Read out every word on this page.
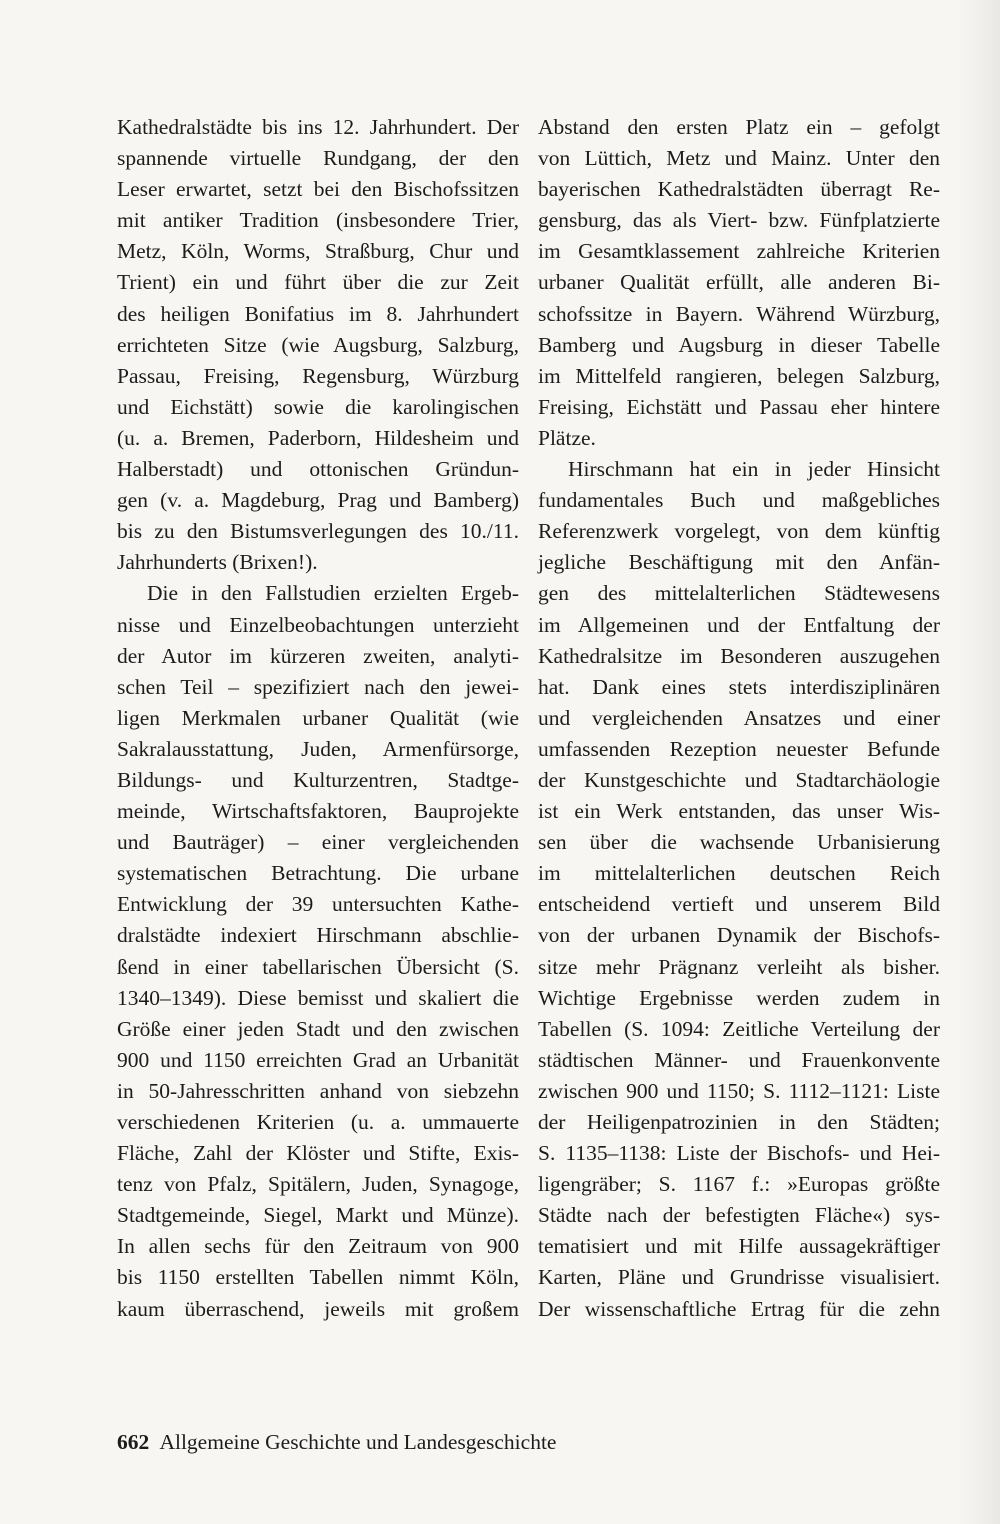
Kathedralstädte bis ins 12. Jahrhundert. Der
spannende virtuelle Rundgang, der den
Leser erwartet, setzt bei den Bischofssitzen
mit antiker Tradition (insbesondere Trier,
Metz, Köln, Worms, Straßburg, Chur und
Trient) ein und führt über die zur Zeit
des heiligen Bonifatius im 8. Jahrhundert
errichteten Sitze (wie Augsburg, Salzburg,
Passau, Freising, Regensburg, Würzburg
und Eichstätt) sowie die karolingischen
(u. a. Bremen, Paderborn, Hildesheim und
Halberstadt) und ottonischen Gründun-
gen (v. a. Magdeburg, Prag und Bamberg)
bis zu den Bistumsverlegungen des 10./11.
Jahrhunderts (Brixen!).
Die in den Fallstudien erzielten Ergeb-
nisse und Einzelbeobachtungen unterzieht
der Autor im kürzeren zweiten, analyti-
schen Teil – spezifiziert nach den jewei-
ligen Merkmalen urbaner Qualität (wie
Sakralausstattung, Juden, Armenfürsorge,
Bildungs- und Kulturzentren, Stadtge-
meinde, Wirtschaftsfaktoren, Bauprojekte
und Bauträger) – einer vergleichenden
systematischen Betrachtung. Die urbane
Entwicklung der 39 untersuchten Kathe-
dralstädte indexiert Hirschmann abschlie-
ßend in einer tabellarischen Übersicht (S.
1340–1349). Diese bemisst und skaliert die
Größe einer jeden Stadt und den zwischen
900 und 1150 erreichten Grad an Urbanität
in 50-Jahresschritten anhand von siebzehn
verschiedenen Kriterien (u. a. ummauerte
Fläche, Zahl der Klöster und Stifte, Exis-
tenz von Pfalz, Spitälern, Juden, Synagoge,
Stadtgemeinde, Siegel, Markt und Münze).
In allen sechs für den Zeitraum von 900
bis 1150 erstellten Tabellen nimmt Köln,
kaum überraschend, jeweils mit großem
Abstand den ersten Platz ein – gefolgt
von Lüttich, Metz und Mainz. Unter den
bayerischen Kathedralstädten überragt Re-
gensburg, das als Viert- bzw. Fünfplatzierte
im Gesamtklassement zahlreiche Kriterien
urbaner Qualität erfüllt, alle anderen Bi-
schofssitze in Bayern. Während Würzburg,
Bamberg und Augsburg in dieser Tabelle
im Mittelfeld rangieren, belegen Salzburg,
Freising, Eichstätt und Passau eher hintere
Plätze.
Hirschmann hat ein in jeder Hinsicht
fundamentales Buch und maßgebliches
Referenzwerk vorgelegt, von dem künftig
jegliche Beschäftigung mit den Anfän-
gen des mittelalterlichen Städtewesens
im Allgemeinen und der Entfaltung der
Kathedralsitze im Besonderen auszugehen
hat. Dank eines stets interdisziplinären
und vergleichenden Ansatzes und einer
umfassenden Rezeption neuester Befunde
der Kunstgeschichte und Stadtarchäologie
ist ein Werk entstanden, das unser Wis-
sen über die wachsende Urbanisierung
im mittelalterlichen deutschen Reich
entscheidend vertieft und unserem Bild
von der urbanen Dynamik der Bischofs-
sitze mehr Prägnanz verleiht als bisher.
Wichtige Ergebnisse werden zudem in
Tabellen (S. 1094: Zeitliche Verteilung der
städtischen Männer- und Frauenkonvente
zwischen 900 und 1150; S. 1112–1121: Liste
der Heiligenpatrozinien in den Städten;
S. 1135–1138: Liste der Bischofs- und Hei-
ligengräber; S. 1167 f.: »Europas größte
Städte nach der befestigten Fläche«) sys-
tematisiert und mit Hilfe aussagekräftiger
Karten, Pläne und Grundrisse visualisiert.
Der wissenschaftliche Ertrag für die zehn
662 Allgemeine Geschichte und Landesgeschichte
